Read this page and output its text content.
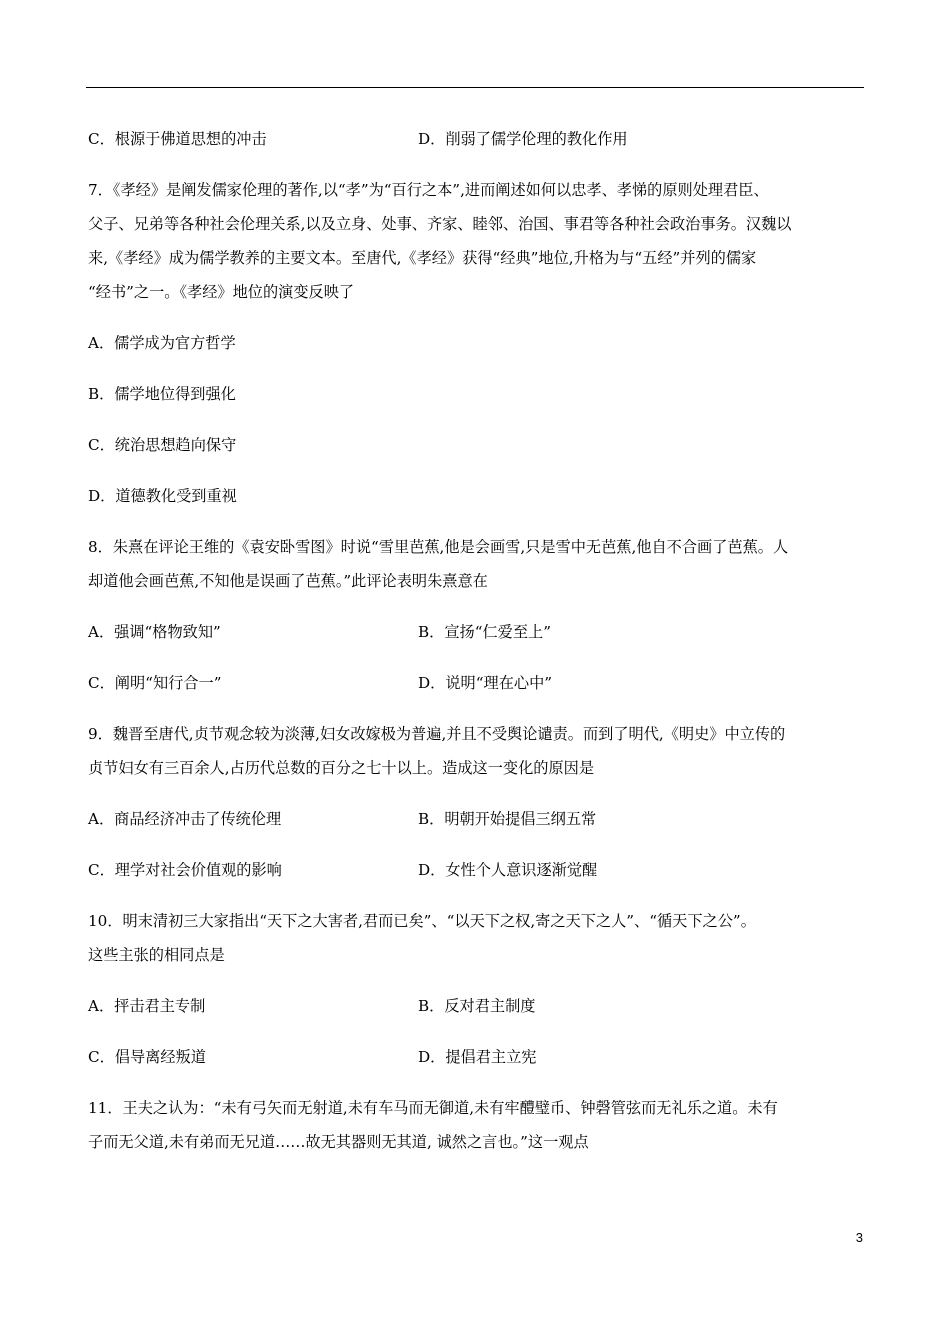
C．根源于佛道思想的冲击	D．削弱了儒学伦理的教化作用
7．《孝经》是阐发儒家伦理的著作,以“孝”为“百行之本”,进而阐述如何以忠孝、孝悌的原则处理君臣、
父子、兄弟等各种社会伦理关系,以及立身、处事、齐家、睦邻、治国、事君等各种社会政治事务。汉魏以
来,《孝经》成为儒学教养的主要文本。至唐代,《孝经》获得“经典”地位,升格为与“五经”并列的儒家
“经书”之一。《孝经》地位的演变反映了
A．儒学成为官方哲学
B．儒学地位得到强化
C．统治思想趋向保守
D．道德教化受到重视
8．朱熹在评论王维的《袁安卧雪图》时说“雪里芭蕉,他是会画雪,只是雪中无芭蕉,他自不合画了芭蕉。人
却道他会画芭蕉,不知他是误画了芭蕉。”此评论表明朱熹意在
A．强调“格物致知”	B．宣扬“仁爱至上”
C．阐明“知行合一”	D．说明“理在心中”
9．魏晋至唐代,贞节观念较为淡薄,妇女改嫁极为普遍,并且不受舆论谴责。而到了明代,《明史》中立传的
贞节妇女有三百余人,占历代总数的百分之七十以上。造成这一变化的原因是
A．商品经济冲击了传统伦理	B．明朝开始提倡三纲五常
C．理学对社会价值观的影响	D．女性个人意识逐渐觉醒
10．明末清初三大家指出“天下之大害者,君而已矣”、“以天下之权,寄之天下之人”、“循天下之公”。
这些主张的相同点是
A．抨击君主专制	B．反对君主制度
C．倡导离经叛道	D．提倡君主立宪
11．王夫之认为：“未有弓矢而无射道,未有车马而无御道,未有牢醴璧币、钟磬管弦而无礼乐之道。未有
子而无父道,未有弟而无兄道……故无其器则无其道, 诚然之言也。”这一观点
3
